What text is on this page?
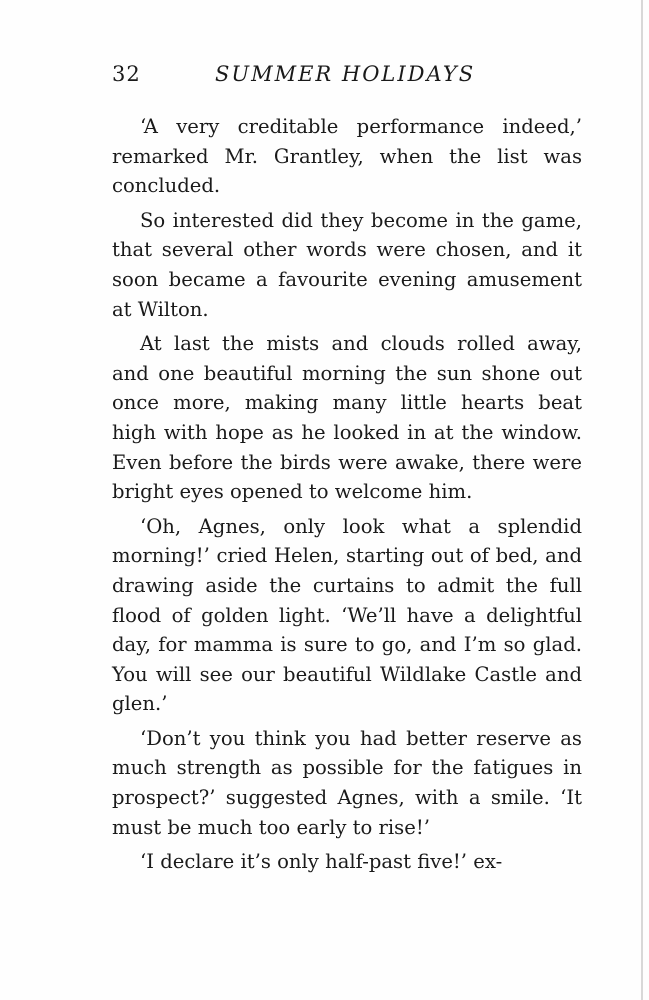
32	SUMMER HOLIDAYS

‘A very creditable performance indeed,’ remarked Mr. Grantley, when the list was concluded.

So interested did they become in the game, that several other words were chosen, and it soon became a favourite evening amusement at Wilton.

At last the mists and clouds rolled away, and one beautiful morning the sun shone out once more, making many little hearts beat high with hope as he looked in at the window. Even before the birds were awake, there were bright eyes opened to welcome him.

‘Oh, Agnes, only look what a splendid morning!’ cried Helen, starting out of bed, and drawing aside the curtains to admit the full flood of golden light. ‘We’ll have a delightful day, for mamma is sure to go, and I’m so glad. You will see our beautiful Wildlake Castle and glen.’

‘Don’t you think you had better reserve as much strength as possible for the fatigues in prospect?’ suggested Agnes, with a smile. ‘It must be much too early to rise!’

‘I declare it’s only half-past five!’ ex-
